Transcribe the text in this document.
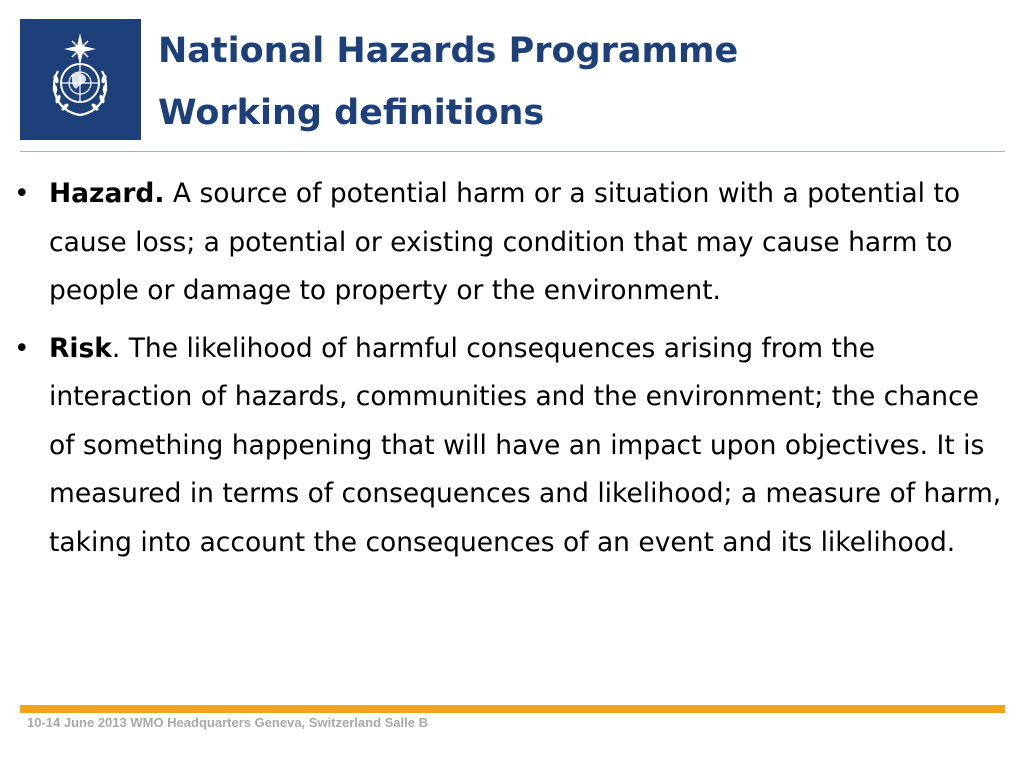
National Hazards Programme
Working definitions
• Hazard. A source of potential harm or a situation with a potential to cause loss; a potential or existing condition that may cause harm to people or damage to property or the environment.
• Risk. The likelihood of harmful consequences arising from the interaction of hazards, communities and the environment; the chance of something happening that will have an impact upon objectives. It is measured in terms of consequences and likelihood; a measure of harm, taking into account the consequences of an event and its likelihood.
10-14 June 2013 WMO Headquarters Geneva, Switzerland Salle B
